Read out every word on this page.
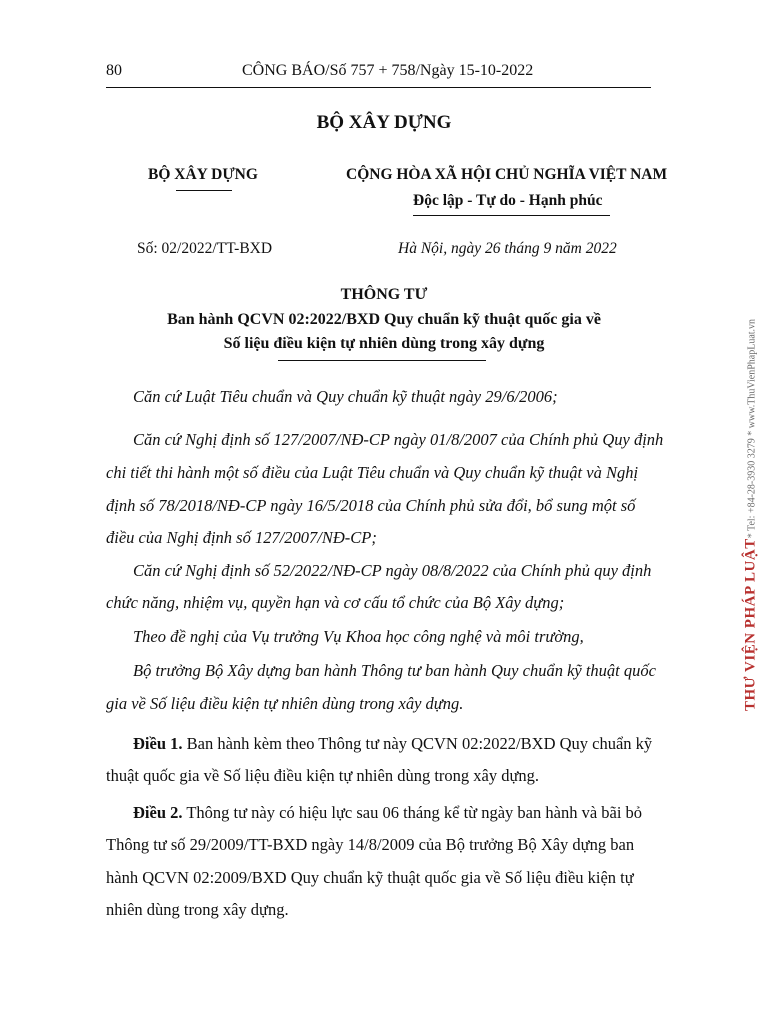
80	CÔNG BÁO/Số 757 + 758/Ngày 15-10-2022
BỘ XÂY DỰNG
BỘ XÂY DỰNG	CỘNG HÒA XÃ HỘI CHỦ NGHĨA VIỆT NAM
Độc lập - Tự do - Hạnh phúc
Số: 02/2022/TT-BXD	Hà Nội, ngày 26 tháng 9 năm 2022
THÔNG TƯ
Ban hành QCVN 02:2022/BXD Quy chuẩn kỹ thuật quốc gia về
Số liệu điều kiện tự nhiên dùng trong xây dựng
Căn cứ Luật Tiêu chuẩn và Quy chuẩn kỹ thuật ngày 29/6/2006;
Căn cứ Nghị định số 127/2007/NĐ-CP ngày 01/8/2007 của Chính phủ Quy định
chi tiết thi hành một số điều của Luật Tiêu chuẩn và Quy chuẩn kỹ thuật và Nghị
định số 78/2018/NĐ-CP ngày 16/5/2018 của Chính phủ sửa đổi, bổ sung một số
điều của Nghị định số 127/2007/NĐ-CP;
Căn cứ Nghị định số 52/2022/NĐ-CP ngày 08/8/2022 của Chính phủ quy định
chức năng, nhiệm vụ, quyền hạn và cơ cấu tổ chức của Bộ Xây dựng;
Theo đề nghị của Vụ trưởng Vụ Khoa học công nghệ và môi trường,
Bộ trưởng Bộ Xây dựng ban hành Thông tư ban hành Quy chuẩn kỹ thuật quốc
gia về Số liệu điều kiện tự nhiên dùng trong xây dựng.
Điều 1. Ban hành kèm theo Thông tư này QCVN 02:2022/BXD Quy chuẩn kỹ
thuật quốc gia về Số liệu điều kiện tự nhiên dùng trong xây dựng.
Điều 2. Thông tư này có hiệu lực sau 06 tháng kể từ ngày ban hành và bãi bỏ
Thông tư số 29/2009/TT-BXD ngày 14/8/2009 của Bộ trưởng Bộ Xây dựng ban
hành QCVN 02:2009/BXD Quy chuẩn kỹ thuật quốc gia về Số liệu điều kiện tự
nhiên dùng trong xây dựng.
THƯ VIỆN PHÁP LUẬT* Tel: +84-28-3930 3279 * www.ThuVienPhapLuat.vn
